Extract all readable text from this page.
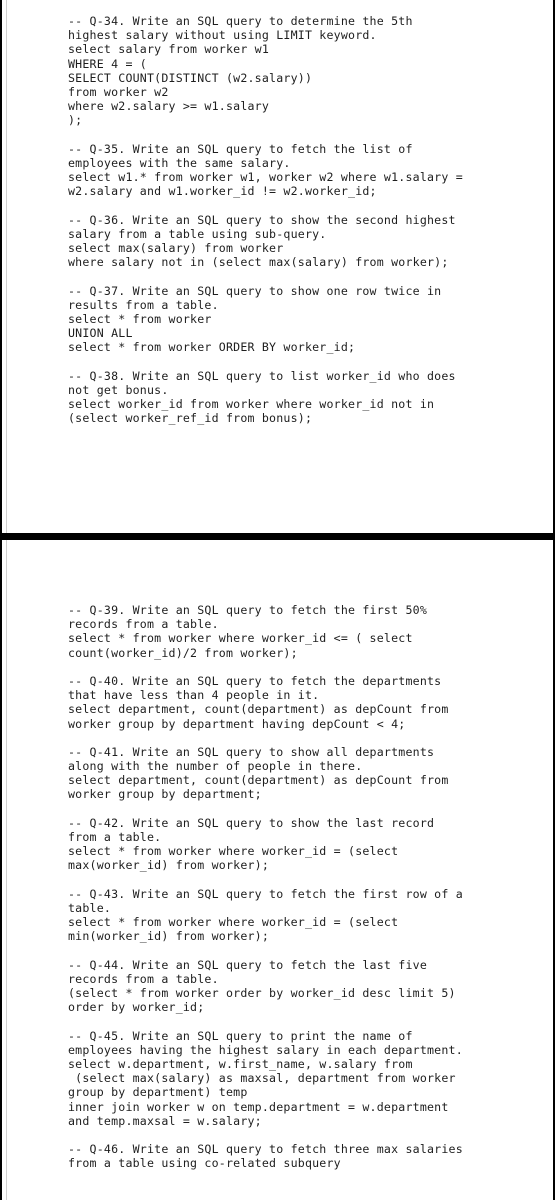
-- Q-34. Write an SQL query to determine the 5th
highest salary without using LIMIT keyword.
select salary from worker w1
WHERE 4 = (
SELECT COUNT(DISTINCT (w2.salary))
from worker w2
where w2.salary >= w1.salary
);
-- Q-35. Write an SQL query to fetch the list of
employees with the same salary.
select w1.* from worker w1, worker w2 where w1.salary =
w2.salary and w1.worker_id != w2.worker_id;
-- Q-36. Write an SQL query to show the second highest
salary from a table using sub-query.
select max(salary) from worker
where salary not in (select max(salary) from worker);
-- Q-37. Write an SQL query to show one row twice in
results from a table.
select * from worker
UNION ALL
select * from worker ORDER BY worker_id;
-- Q-38. Write an SQL query to list worker_id who does
not get bonus.
select worker_id from worker where worker_id not in
(select worker_ref_id from bonus);
-- Q-39. Write an SQL query to fetch the first 50%
records from a table.
select * from worker where worker_id <= ( select
count(worker_id)/2 from worker);
-- Q-40. Write an SQL query to fetch the departments
that have less than 4 people in it.
select department, count(department) as depCount from
worker group by department having depCount < 4;
-- Q-41. Write an SQL query to show all departments
along with the number of people in there.
select department, count(department) as depCount from
worker group by department;
-- Q-42. Write an SQL query to show the last record
from a table.
select * from worker where worker_id = (select
max(worker_id) from worker);
-- Q-43. Write an SQL query to fetch the first row of a
table.
select * from worker where worker_id = (select
min(worker_id) from worker);
-- Q-44. Write an SQL query to fetch the last five
records from a table.
(select * from worker order by worker_id desc limit 5)
order by worker_id;
-- Q-45. Write an SQL query to print the name of
employees having the highest salary in each department.
select w.department, w.first_name, w.salary from
(select max(salary) as maxsal, department from worker
group by department) temp
inner join worker w on temp.department = w.department
and temp.maxsal = w.salary;
-- Q-46. Write an SQL query to fetch three max salaries
from a table using co-related subquery
